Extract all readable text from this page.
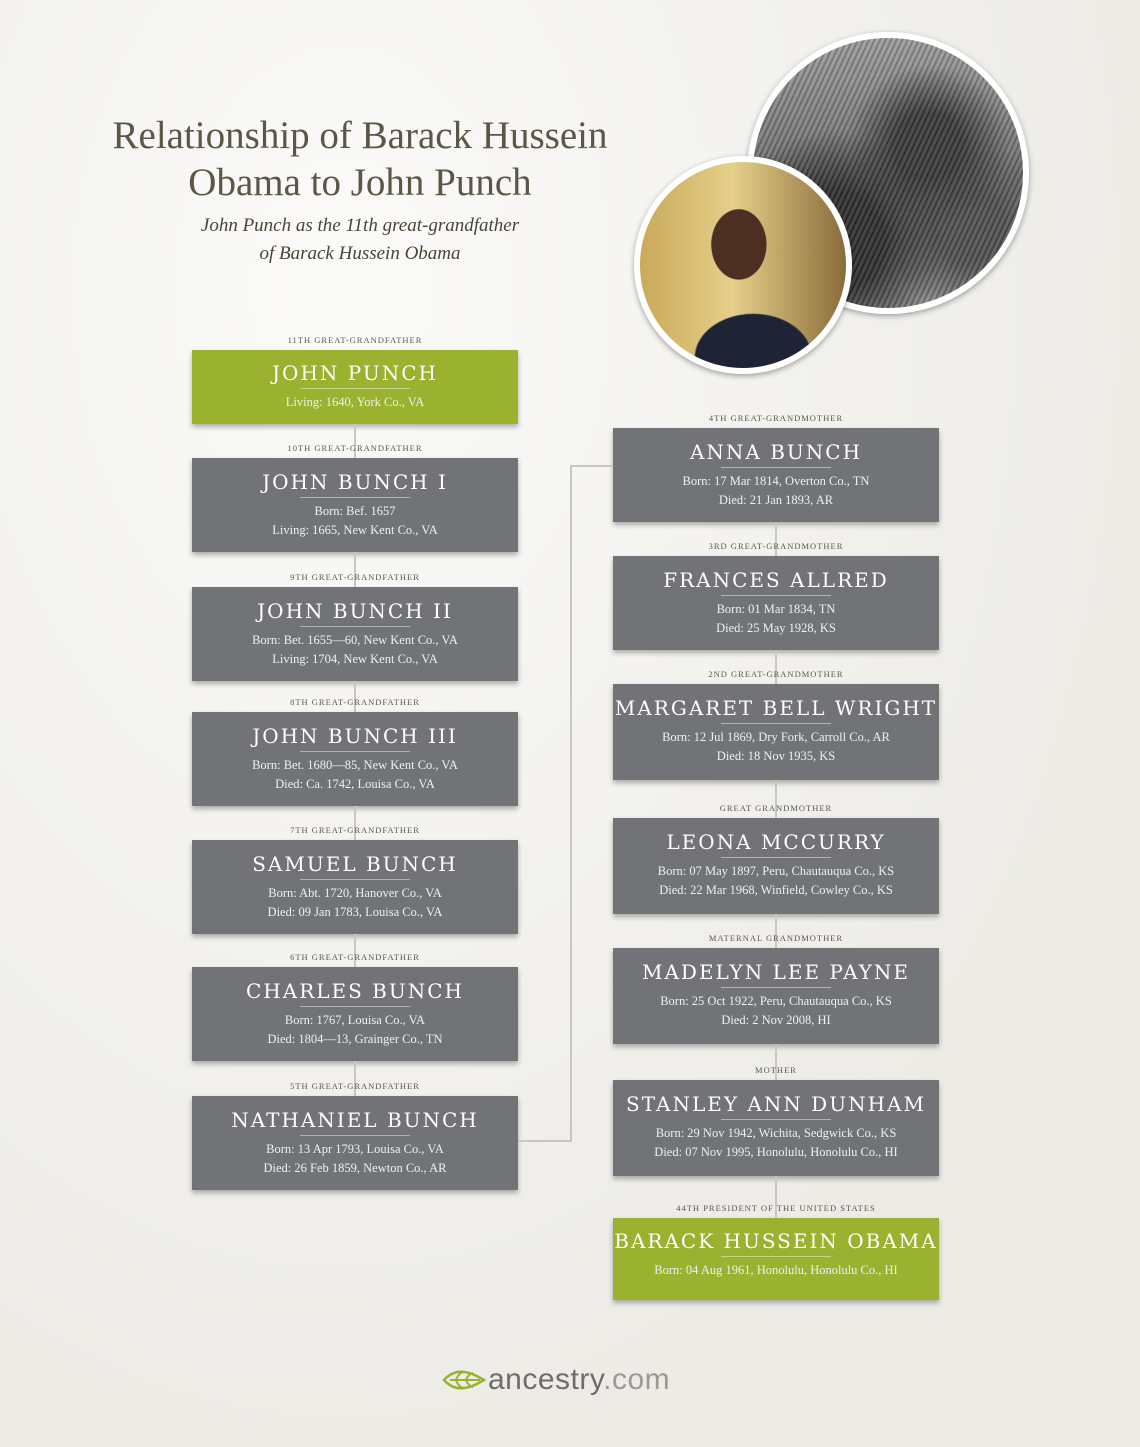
Relationship of Barack Hussein
Obama to John Punch
John Punch as the 11th great-grandfather
of Barack Hussein Obama
11TH GREAT-GRANDFATHER
JOHN PUNCH
Living: 1640, York Co., VA
10TH GREAT-GRANDFATHER
JOHN BUNCH I
Born: Bef. 1657
Living: 1665, New Kent Co., VA
9TH GREAT-GRANDFATHER
JOHN BUNCH II
Born: Bet. 1655—60, New Kent Co., VA
Living: 1704, New Kent Co., VA
8TH GREAT-GRANDFATHER
JOHN BUNCH III
Born: Bet. 1680—85, New Kent Co., VA
Died: Ca. 1742, Louisa Co., VA
7TH GREAT-GRANDFATHER
SAMUEL BUNCH
Born: Abt. 1720, Hanover Co., VA
Died: 09 Jan 1783, Louisa Co., VA
6TH GREAT-GRANDFATHER
CHARLES BUNCH
Born: 1767, Louisa Co., VA
Died: 1804—13, Grainger Co., TN
5TH GREAT-GRANDFATHER
NATHANIEL BUNCH
Born: 13 Apr 1793, Louisa Co., VA
Died: 26 Feb 1859, Newton Co., AR
4TH GREAT-GRANDMOTHER
ANNA BUNCH
Born: 17 Mar 1814, Overton Co., TN
Died: 21 Jan 1893, AR
3RD GREAT-GRANDMOTHER
FRANCES ALLRED
Born: 01 Mar 1834, TN
Died: 25 May 1928, KS
2ND GREAT-GRANDMOTHER
MARGARET BELL WRIGHT
Born: 12 Jul 1869, Dry Fork, Carroll Co., AR
Died: 18 Nov 1935, KS
GREAT GRANDMOTHER
LEONA MCCURRY
Born: 07 May 1897, Peru, Chautauqua Co., KS
Died: 22 Mar 1968, Winfield, Cowley Co., KS
MATERNAL GRANDMOTHER
MADELYN LEE PAYNE
Born: 25 Oct 1922, Peru, Chautauqua Co., KS
Died: 2 Nov 2008, HI
MOTHER
STANLEY ANN DUNHAM
Born: 29 Nov 1942, Wichita, Sedgwick Co., KS
Died: 07 Nov 1995, Honolulu, Honolulu Co., HI
44TH PRESIDENT OF THE UNITED STATES
BARACK HUSSEIN OBAMA
Born: 04 Aug 1961, Honolulu, Honolulu Co., HI
ancestry.com
